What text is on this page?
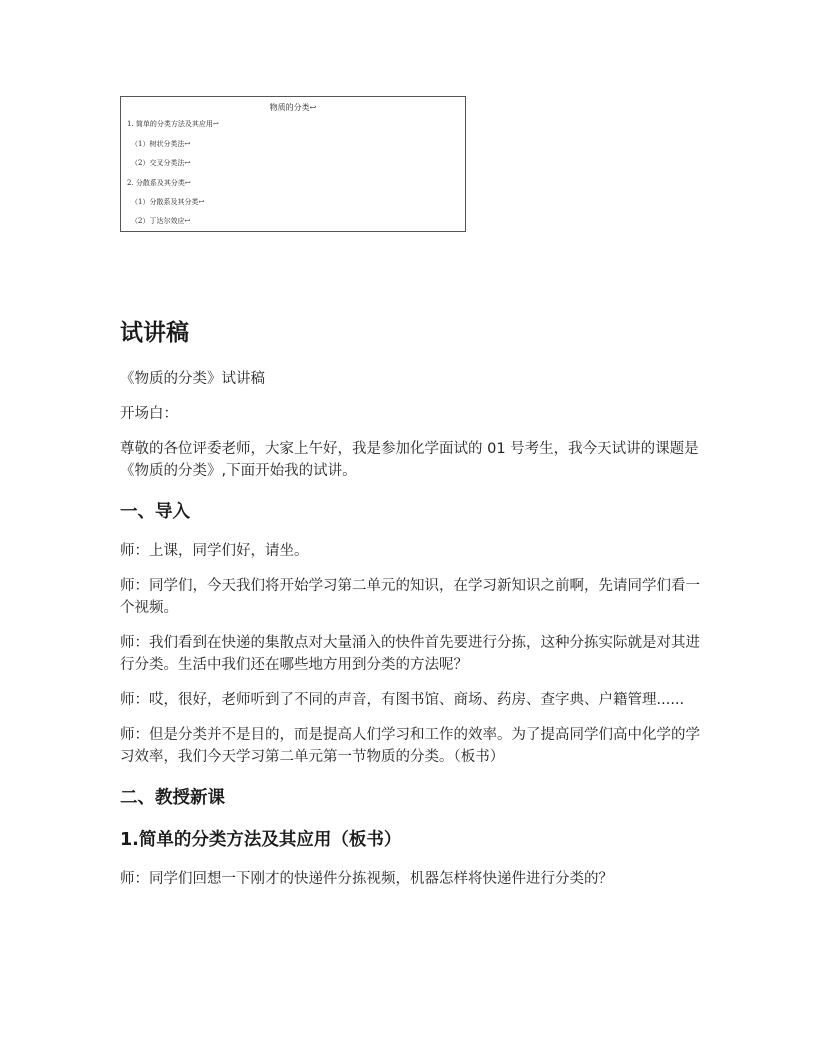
物质的分类↩
1. 简单的分类方法及其应用↩
（1）树状分类法↩
（2）交叉分类法↩
2. 分散系及其分类↩
（1）分散系及其分类↩
（2）丁达尔效应↩
试讲稿

《物质的分类》试讲稿

开场白：

尊敬的各位评委老师，大家上午好，我是参加化学面试的 01 号考生，我今天试讲的课题是《物质的分类》,下面开始我的试讲。

一、导入

师：上课，同学们好，请坐。

师：同学们，今天我们将开始学习第二单元的知识，在学习新知识之前啊，先请同学们看一个视频。

师：我们看到在快递的集散点对大量涌入的快件首先要进行分拣，这种分拣实际就是对其进行分类。生活中我们还在哪些地方用到分类的方法呢？

师：哎，很好，老师听到了不同的声音，有图书馆、商场、药房、查字典、户籍管理......

师：但是分类并不是目的，而是提高人们学习和工作的效率。为了提高同学们高中化学的学习效率，我们今天学习第二单元第一节物质的分类。（板书）

二、教授新课
1.简单的分类方法及其应用（板书）

师：同学们回想一下刚才的快递件分拣视频，机器怎样将快递件进行分类的？
